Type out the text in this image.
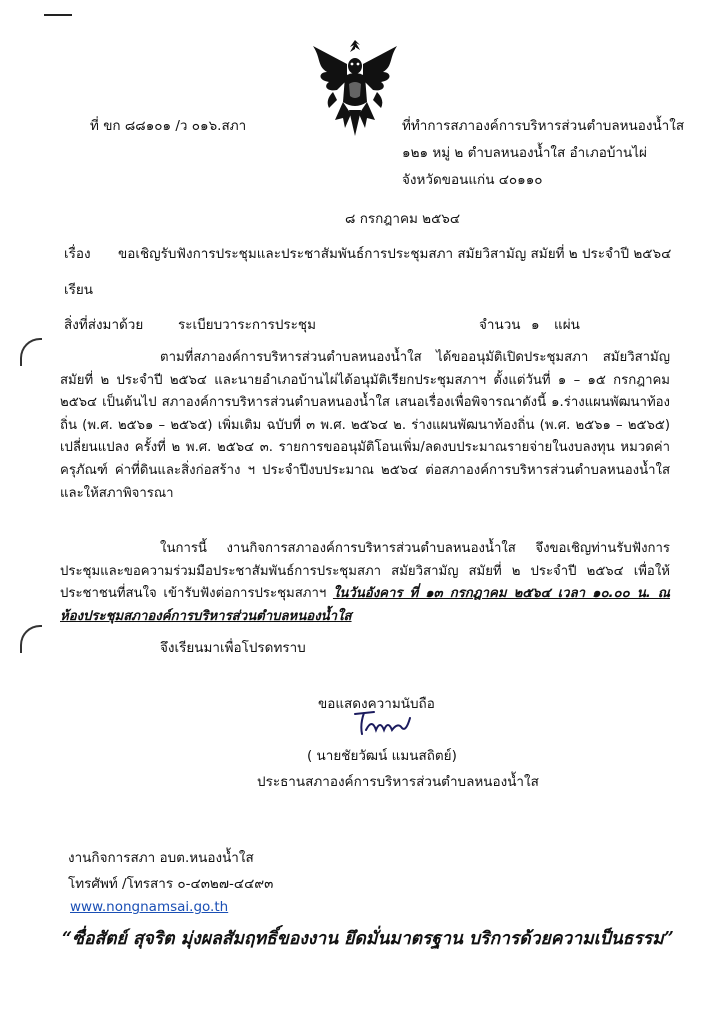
ที่ ขก ๘๘๑๐๑ /ว ๐๑๖.สภา	ที่ทำการสภาองค์การบริหารส่วนตำบลหนองน้ำใส
๑๒๑ หมู่ ๒ ตำบลหนองน้ำใส อำเภอบ้านไผ่
จังหวัดขอนแก่น ๔๐๑๑๐
๘ กรกฎาคม ๒๕๖๔
เรื่อง ขอเชิญรับฟังการประชุมและประชาสัมพันธ์การประชุมสภา สมัยวิสามัญ สมัยที่ ๒ ประจำปี ๒๕๖๔
เรียน
สิ่งที่ส่งมาด้วย	ระเบียบวาระการประชุม	จำนวน ๑ แผ่น
ตามที่สภาองค์การบริหารส่วนตำบลหนองน้ำใส ได้ขออนุมัติเปิดประชุมสภา สมัยวิสามัญ สมัยที่ ๒ ประจำปี ๒๕๖๔ และนายอำเภอบ้านไผ่ได้อนุมัติเรียกประชุมสภาฯ ตั้งแต่วันที่ ๑ – ๑๕ กรกฎาคม ๒๕๖๔ เป็นต้นไป สภาองค์การบริหารส่วนตำบลหนองน้ำใส เสนอเรื่องเพื่อพิจารณาดังนี้ ๑.ร่างแผนพัฒนาท้องถิ่น (พ.ศ. ๒๕๖๑ – ๒๕๖๕) เพิ่มเติม ฉบับที่ ๓ พ.ศ. ๒๕๖๔ ๒. ร่างแผนพัฒนาท้องถิ่น (พ.ศ. ๒๕๖๑ – ๒๕๖๕) เปลี่ยนแปลง ครั้งที่ ๒ พ.ศ. ๒๕๖๔ ๓. รายการขออนุมัติโอนเพิ่ม/ลดงบประมาณรายจ่ายในงบลงทุน หมวดค่าครุภัณฑ์ ค่าที่ดินและสิ่งก่อสร้าง ฯ ประจำปีงบประมาณ ๒๕๖๔ ต่อสภาองค์การบริหารส่วนตำบลหนองน้ำใสและให้สภาพิจารณา
ในการนี้ งานกิจการสภาองค์การบริหารส่วนตำบลหนองน้ำใส จึงขอเชิญท่านรับฟังการประชุมและขอความร่วมมือประชาสัมพันธ์การประชุมสภา สมัยวิสามัญ สมัยที่ ๒ ประจำปี ๒๕๖๔ เพื่อให้ประชาชนที่สนใจ เข้ารับฟังต่อการประชุมสภาฯ ในวันอังคาร ที่ ๑๓ กรกฎาคม ๒๕๖๔ เวลา ๑๐.๐๐ น. ณ ห้องประชุมสภาองค์การบริหารส่วนตำบลหนองน้ำใส
จึงเรียนมาเพื่อโปรดทราบ
ขอแสดงความนับถือ
( นายชัยวัฒน์ แมนสถิตย์)
ประธานสภาองค์การบริหารส่วนตำบลหนองน้ำใส
งานกิจการสภา อบต.หนองน้ำใส
โทรศัพท์ /โทรสาร ๐-๔๓๒๗-๔๔๙๓
www.nongnamsai.go.th
“ซื่อสัตย์ สุจริต มุ่งผลสัมฤทธิ์ของงาน ยึดมั่นมาตรฐาน บริการด้วยความเป็นธรรม”
